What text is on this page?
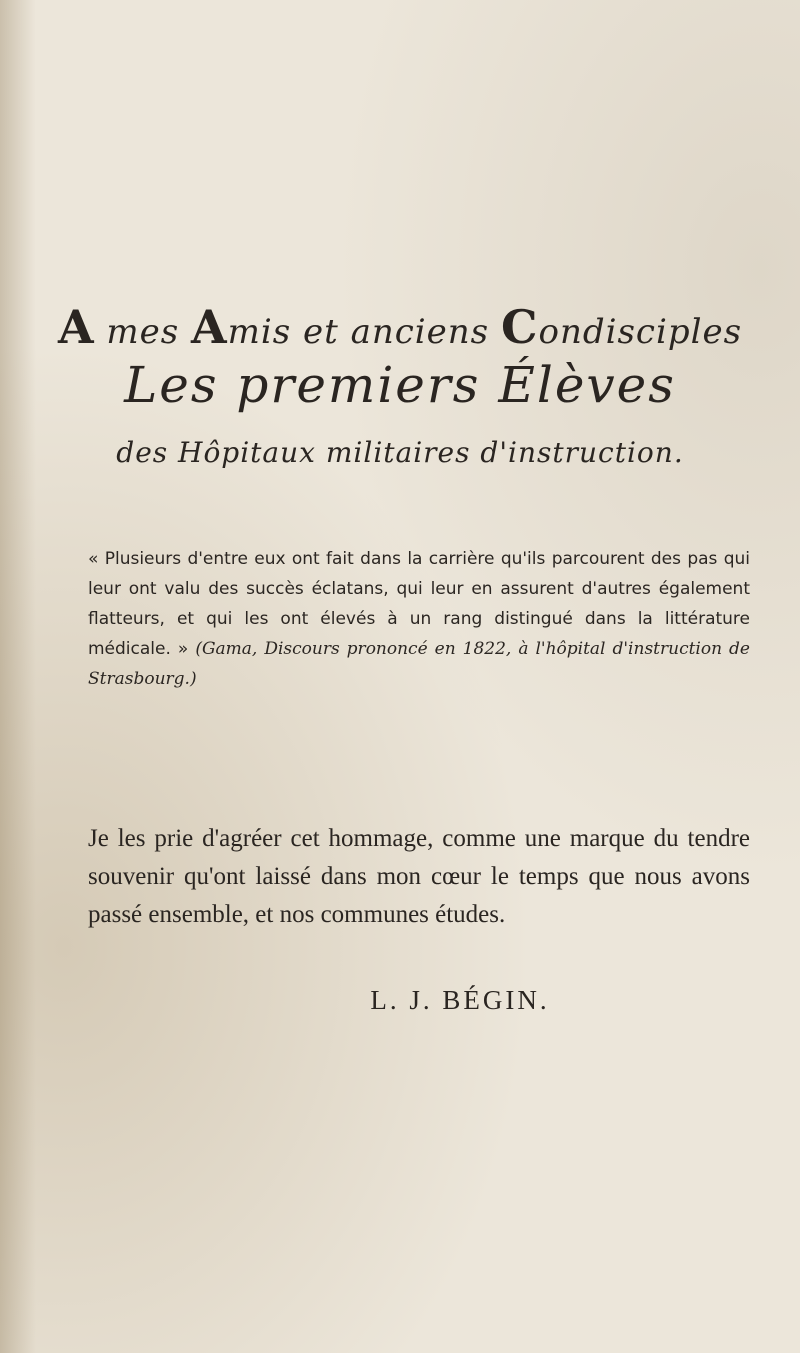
A mes Amis et anciens Condisciples
Les premiers Élèves
des Hôpitaux militaires d'instruction.
« Plusieurs d'entre eux ont fait dans la carrière qu'ils parcourent des pas qui leur ont valu des succès éclatans, qui leur en assurent d'autres également flatteurs, et qui les ont élevés à un rang distingué dans la littérature médicale. » (Gama, Discours prononcé en 1822, à l'hôpital d'instruction de Strasbourg.)
Je les prie d'agréer cet hommage, comme une marque du tendre souvenir qu'ont laissé dans mon cœur le temps que nous avons passé ensemble, et nos communes études.
L. J. BÉGIN.
